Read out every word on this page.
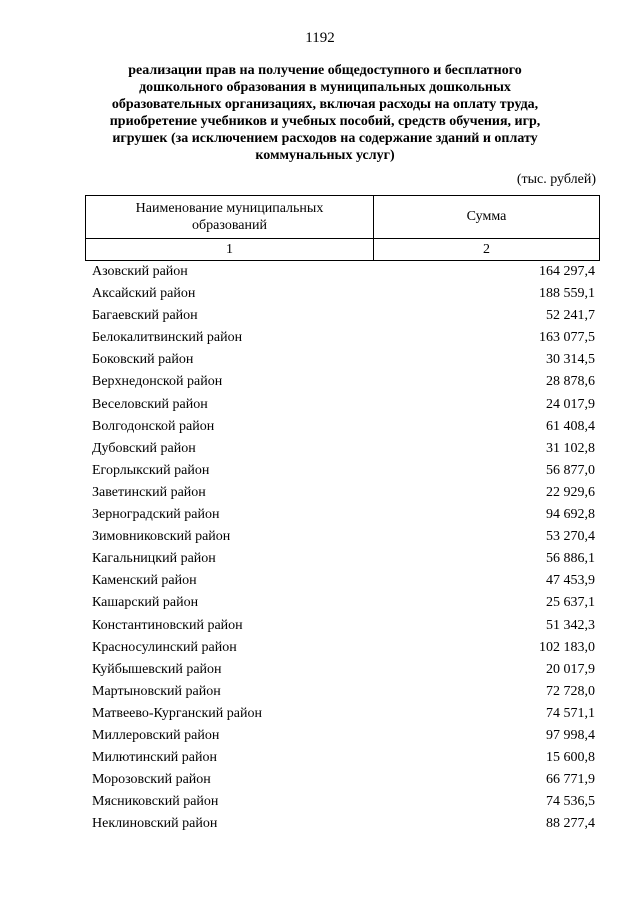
1192
реализации прав на получение общедоступного и бесплатного
дошкольного образования в муниципальных дошкольных
образовательных организациях, включая расходы на оплату труда,
приобретение учебников и учебных пособий, средств обучения, игр,
игрушек (за исключением расходов на содержание зданий и оплату
коммунальных услуг)
(тыс. рублей)
Наименование муниципальных
образований	Сумма
1	2
Азовский район	164 297,4
Аксайский район	188 559,1
Багаевский район	52 241,7
Белокалитвинский район	163 077,5
Боковский район	30 314,5
Верхнедонской район	28 878,6
Веселовский район	24 017,9
Волгодонской район	61 408,4
Дубовский район	31 102,8
Егорлыкский район	56 877,0
Заветинский район	22 929,6
Зерноградский район	94 692,8
Зимовниковский район	53 270,4
Кагальницкий район	56 886,1
Каменский район	47 453,9
Кашарский район	25 637,1
Константиновский район	51 342,3
Красносулинский район	102 183,0
Куйбышевский район	20 017,9
Мартыновский район	72 728,0
Матвеево-Курганский район	74 571,1
Миллеровский район	97 998,4
Милютинский район	15 600,8
Морозовский район	66 771,9
Мясниковский район	74 536,5
Неклиновский район	88 277,4
